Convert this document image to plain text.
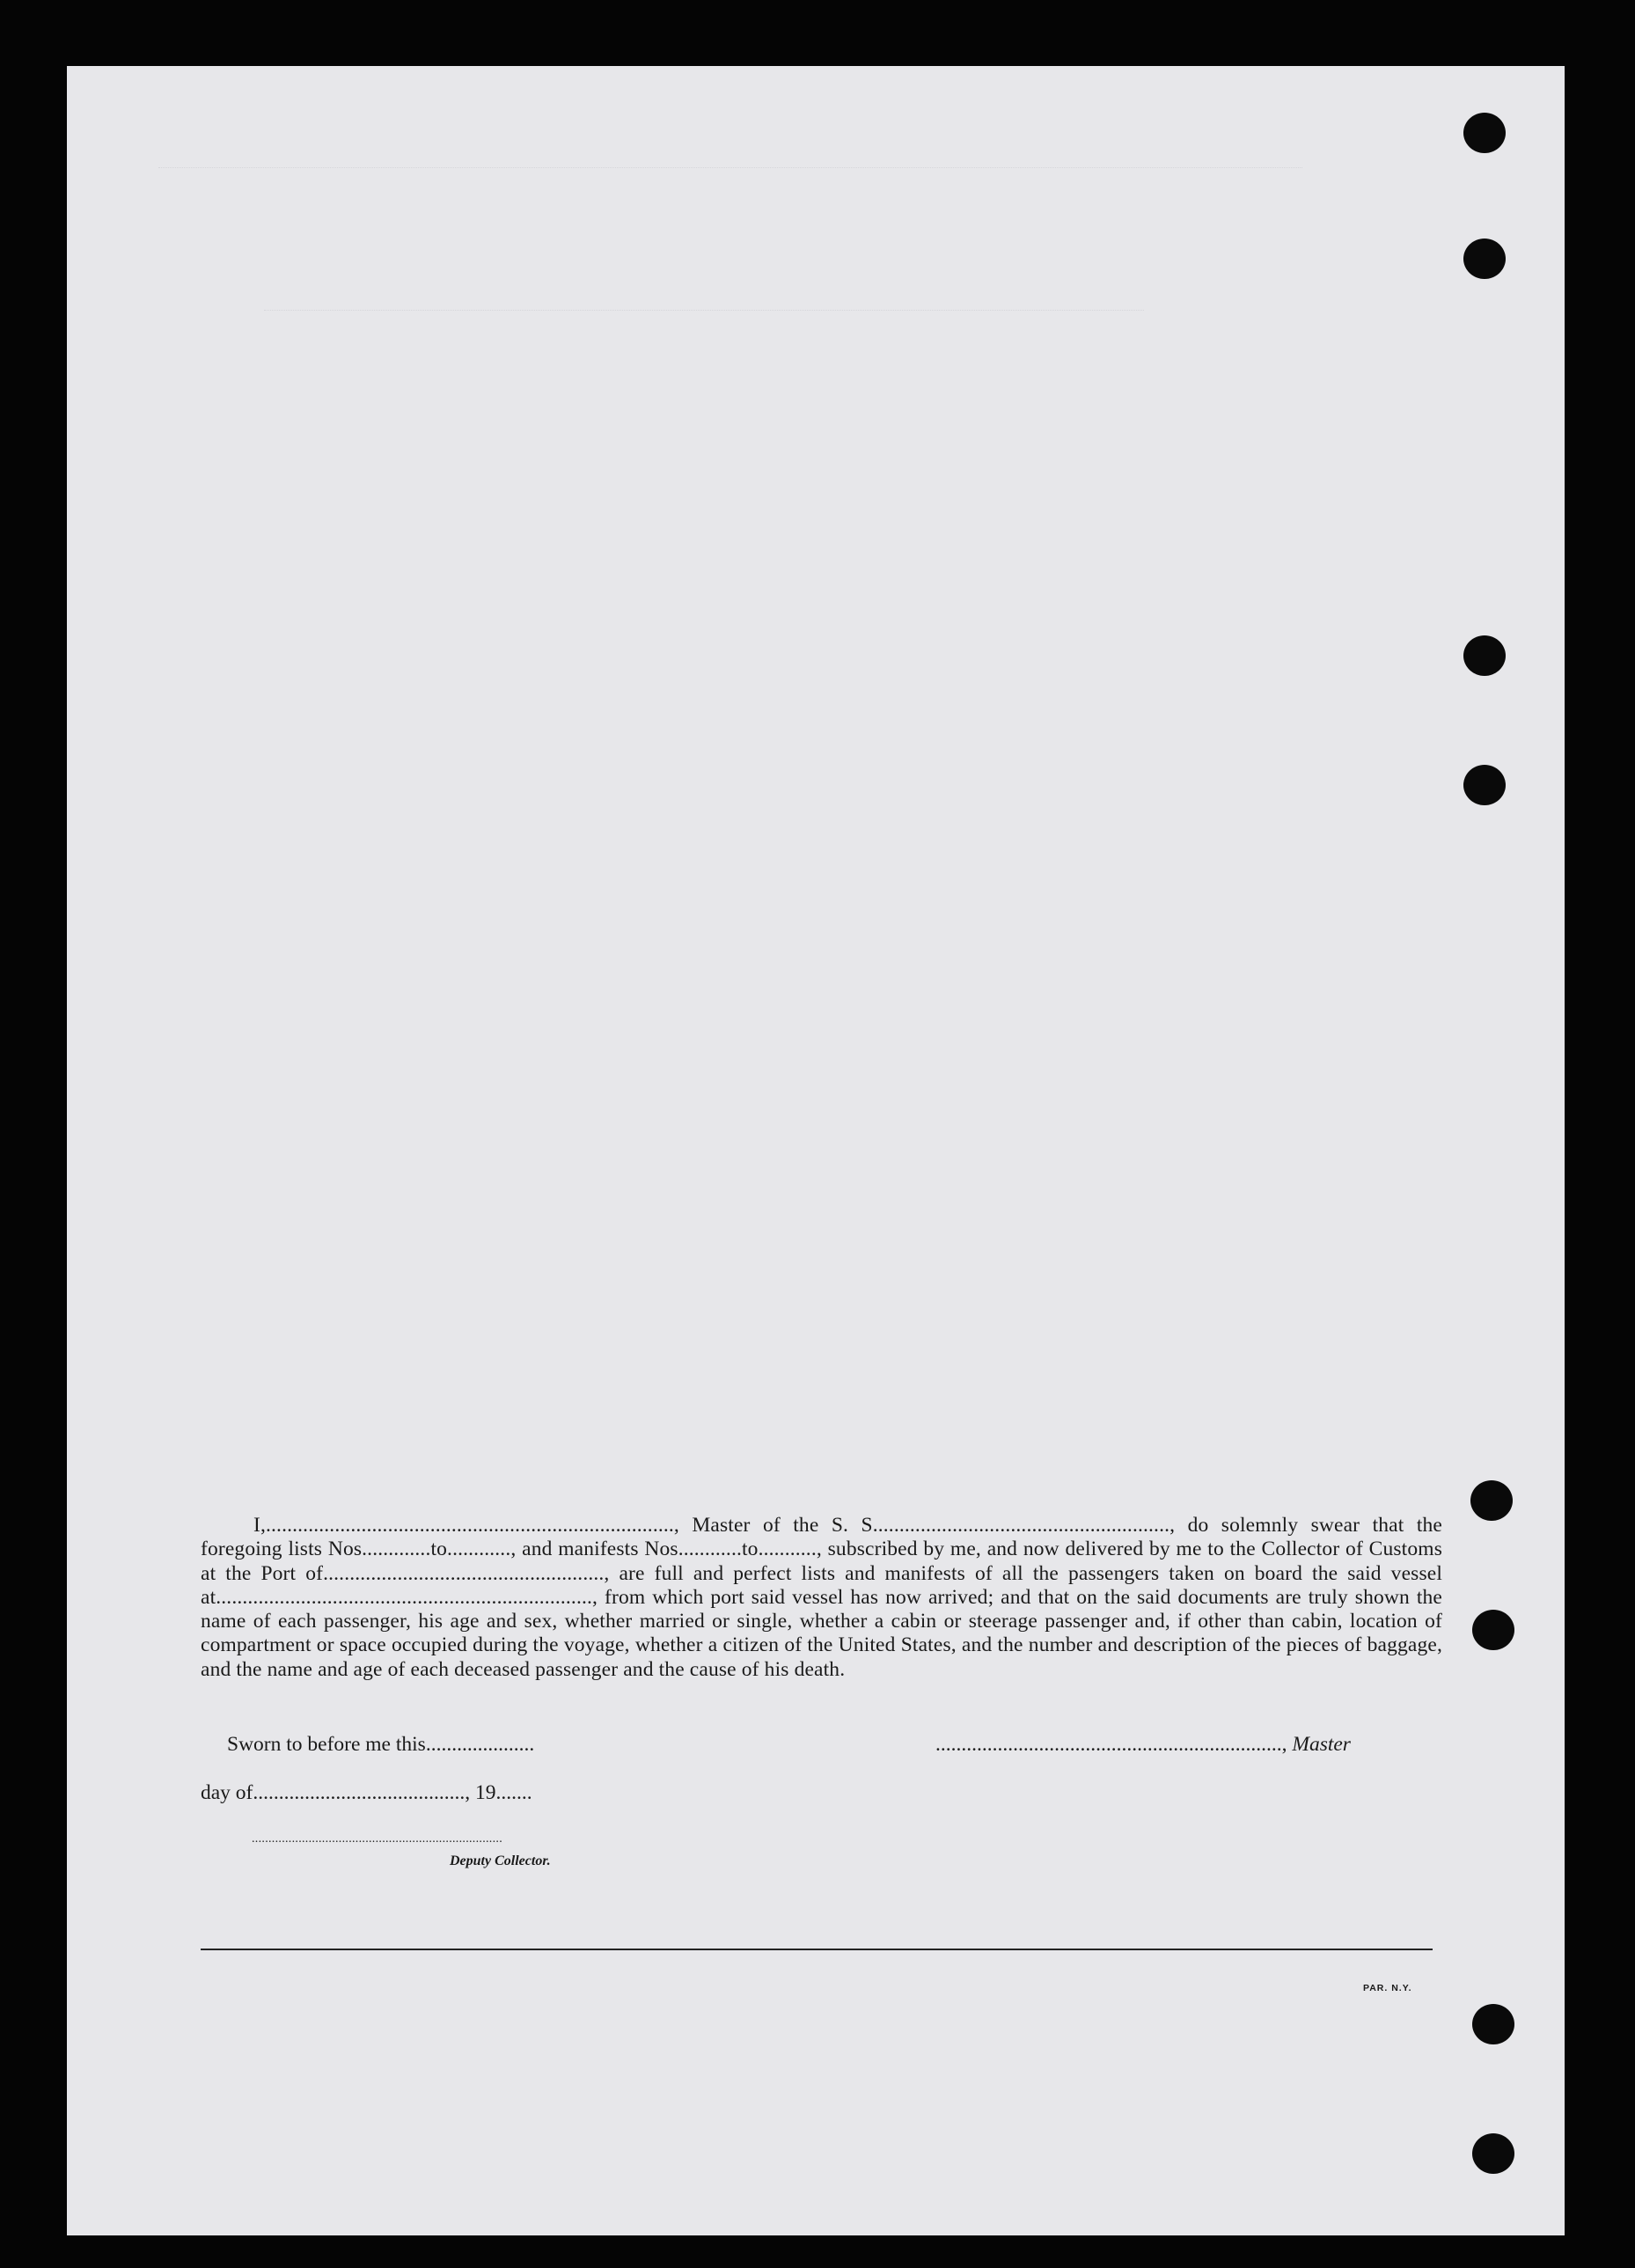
I,............................................................................., Master of the S. S........................................................, do solemnly swear that the foregoing lists Nos.............to............, and manifests Nos............to..........., subscribed by me, and now delivered by me to the Collector of Customs at the Port of....................................................., are full and perfect lists and manifests of all the passengers taken on board the said vessel at......................................................................., from which port said vessel has now arrived; and that on the said documents are truly shown the name of each passenger, his age and sex, whether married or single, whether a cabin or steerage passenger and, if other than cabin, location of compartment or space occupied during the voyage, whether a citizen of the United States, and the number and description of the pieces of baggage, and the name and age of each deceased passenger and the cause of his death.

Sworn to before me this.....................	..................................................................., Master
day of........................................., 19.......
...........................................................................
Deputy Collector.
PAR. N.Y.
